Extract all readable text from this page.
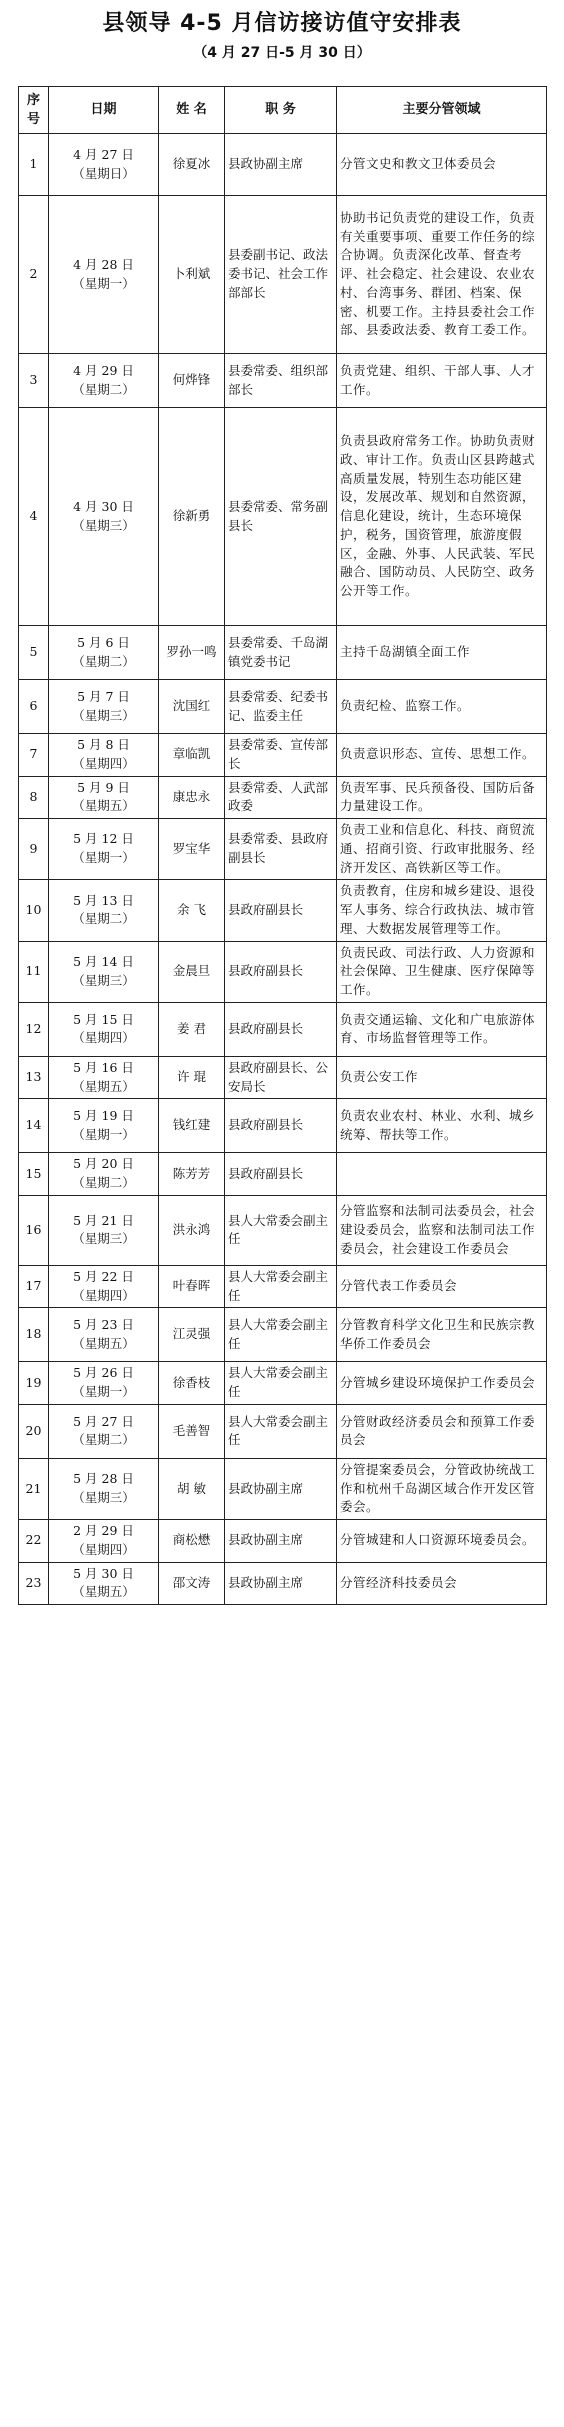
县领导 4-5 月信访接访值守安排表
（4 月 27 日-5 月 30 日）
序号	日期	姓 名	职 务	主要分管领域
1	4 月 27 日
（星期日）	徐夏冰	县政协副主席	分管文史和教文卫体委员会
2	4 月 28 日
（星期一）	卜利斌	县委副书记、政法委书记、社会工作部部长	协助书记负责党的建设工作，负责有关重要事项、重要工作任务的综合协调。负责深化改革、督查考评、社会稳定、社会建设、农业农村、台湾事务、群团、档案、保密、机要工作。主持县委社会工作部、县委政法委、教育工委工作。
3	4 月 29 日
（星期二）	何烨锋	县委常委、组织部部长	负责党建、组织、干部人事、人才工作。
4	4 月 30 日
（星期三）	徐新勇	县委常委、常务副县长	负责县政府常务工作。协助负责财政、审计工作。负责山区县跨越式高质量发展，特别生态功能区建设，发展改革、规划和自然资源，信息化建设，统计，生态环境保护，税务，国资管理，旅游度假区，金融、外事、人民武装、军民融合、国防动员、人民防空、政务公开等工作。
5	5 月 6 日
（星期二）	罗孙一鸣	县委常委、千岛湖镇党委书记	主持千岛湖镇全面工作
6	5 月 7 日
（星期三）	沈国红	县委常委、纪委书记、监委主任	负责纪检、监察工作。
7	5 月 8 日
（星期四）	章临凯	县委常委、宣传部长	负责意识形态、宣传、思想工作。
8	5 月 9 日
（星期五）	康忠永	县委常委、人武部政委	负责军事、民兵预备役、国防后备力量建设工作。
9	5 月 12 日
（星期一）	罗宝华	县委常委、县政府副县长	负责工业和信息化、科技、商贸流通、招商引资、行政审批服务、经济开发区、高铁新区等工作。
10	5 月 13 日
（星期二）	余 飞	县政府副县长	负责教育，住房和城乡建设、退役军人事务、综合行政执法、城市管理、大数据发展管理等工作。
11	5 月 14 日
（星期三）	金晨旦	县政府副县长	负责民政、司法行政、人力资源和社会保障、卫生健康、医疗保障等工作。
12	5 月 15 日
（星期四）	姜 君	县政府副县长	负责交通运输、文化和广电旅游体育、市场监督管理等工作。
13	5 月 16 日
（星期五）	许 琨	县政府副县长、公安局长	负责公安工作
14	5 月 19 日
（星期一）	钱红建	县政府副县长	负责农业农村、林业、水利、城乡统筹、帮扶等工作。
15	5 月 20 日
（星期二）	陈芳芳	县政府副县长	
16	5 月 21 日
（星期三）	洪永鸿	县人大常委会副主任	分管监察和法制司法委员会，社会建设委员会，监察和法制司法工作委员会，社会建设工作委员会
17	5 月 22 日
（星期四）	叶春晖	县人大常委会副主任	分管代表工作委员会
18	5 月 23 日
（星期五）	江灵强	县人大常委会副主任	分管教育科学文化卫生和民族宗教华侨工作委员会
19	5 月 26 日
（星期一）	徐香枝	县人大常委会副主任	分管城乡建设环境保护工作委员会
20	5 月 27 日
（星期二）	毛善智	县人大常委会副主任	分管财政经济委员会和预算工作委员会
21	5 月 28 日
（星期三）	胡 敏	县政协副主席	分管提案委员会，分管政协统战工作和杭州千岛湖区域合作开发区管委会。
22	2 月 29 日
（星期四）	商松懋	县政协副主席	分管城建和人口资源环境委员会。
23	5 月 30 日
（星期五）	邵文涛	县政协副主席	分管经济科技委员会
